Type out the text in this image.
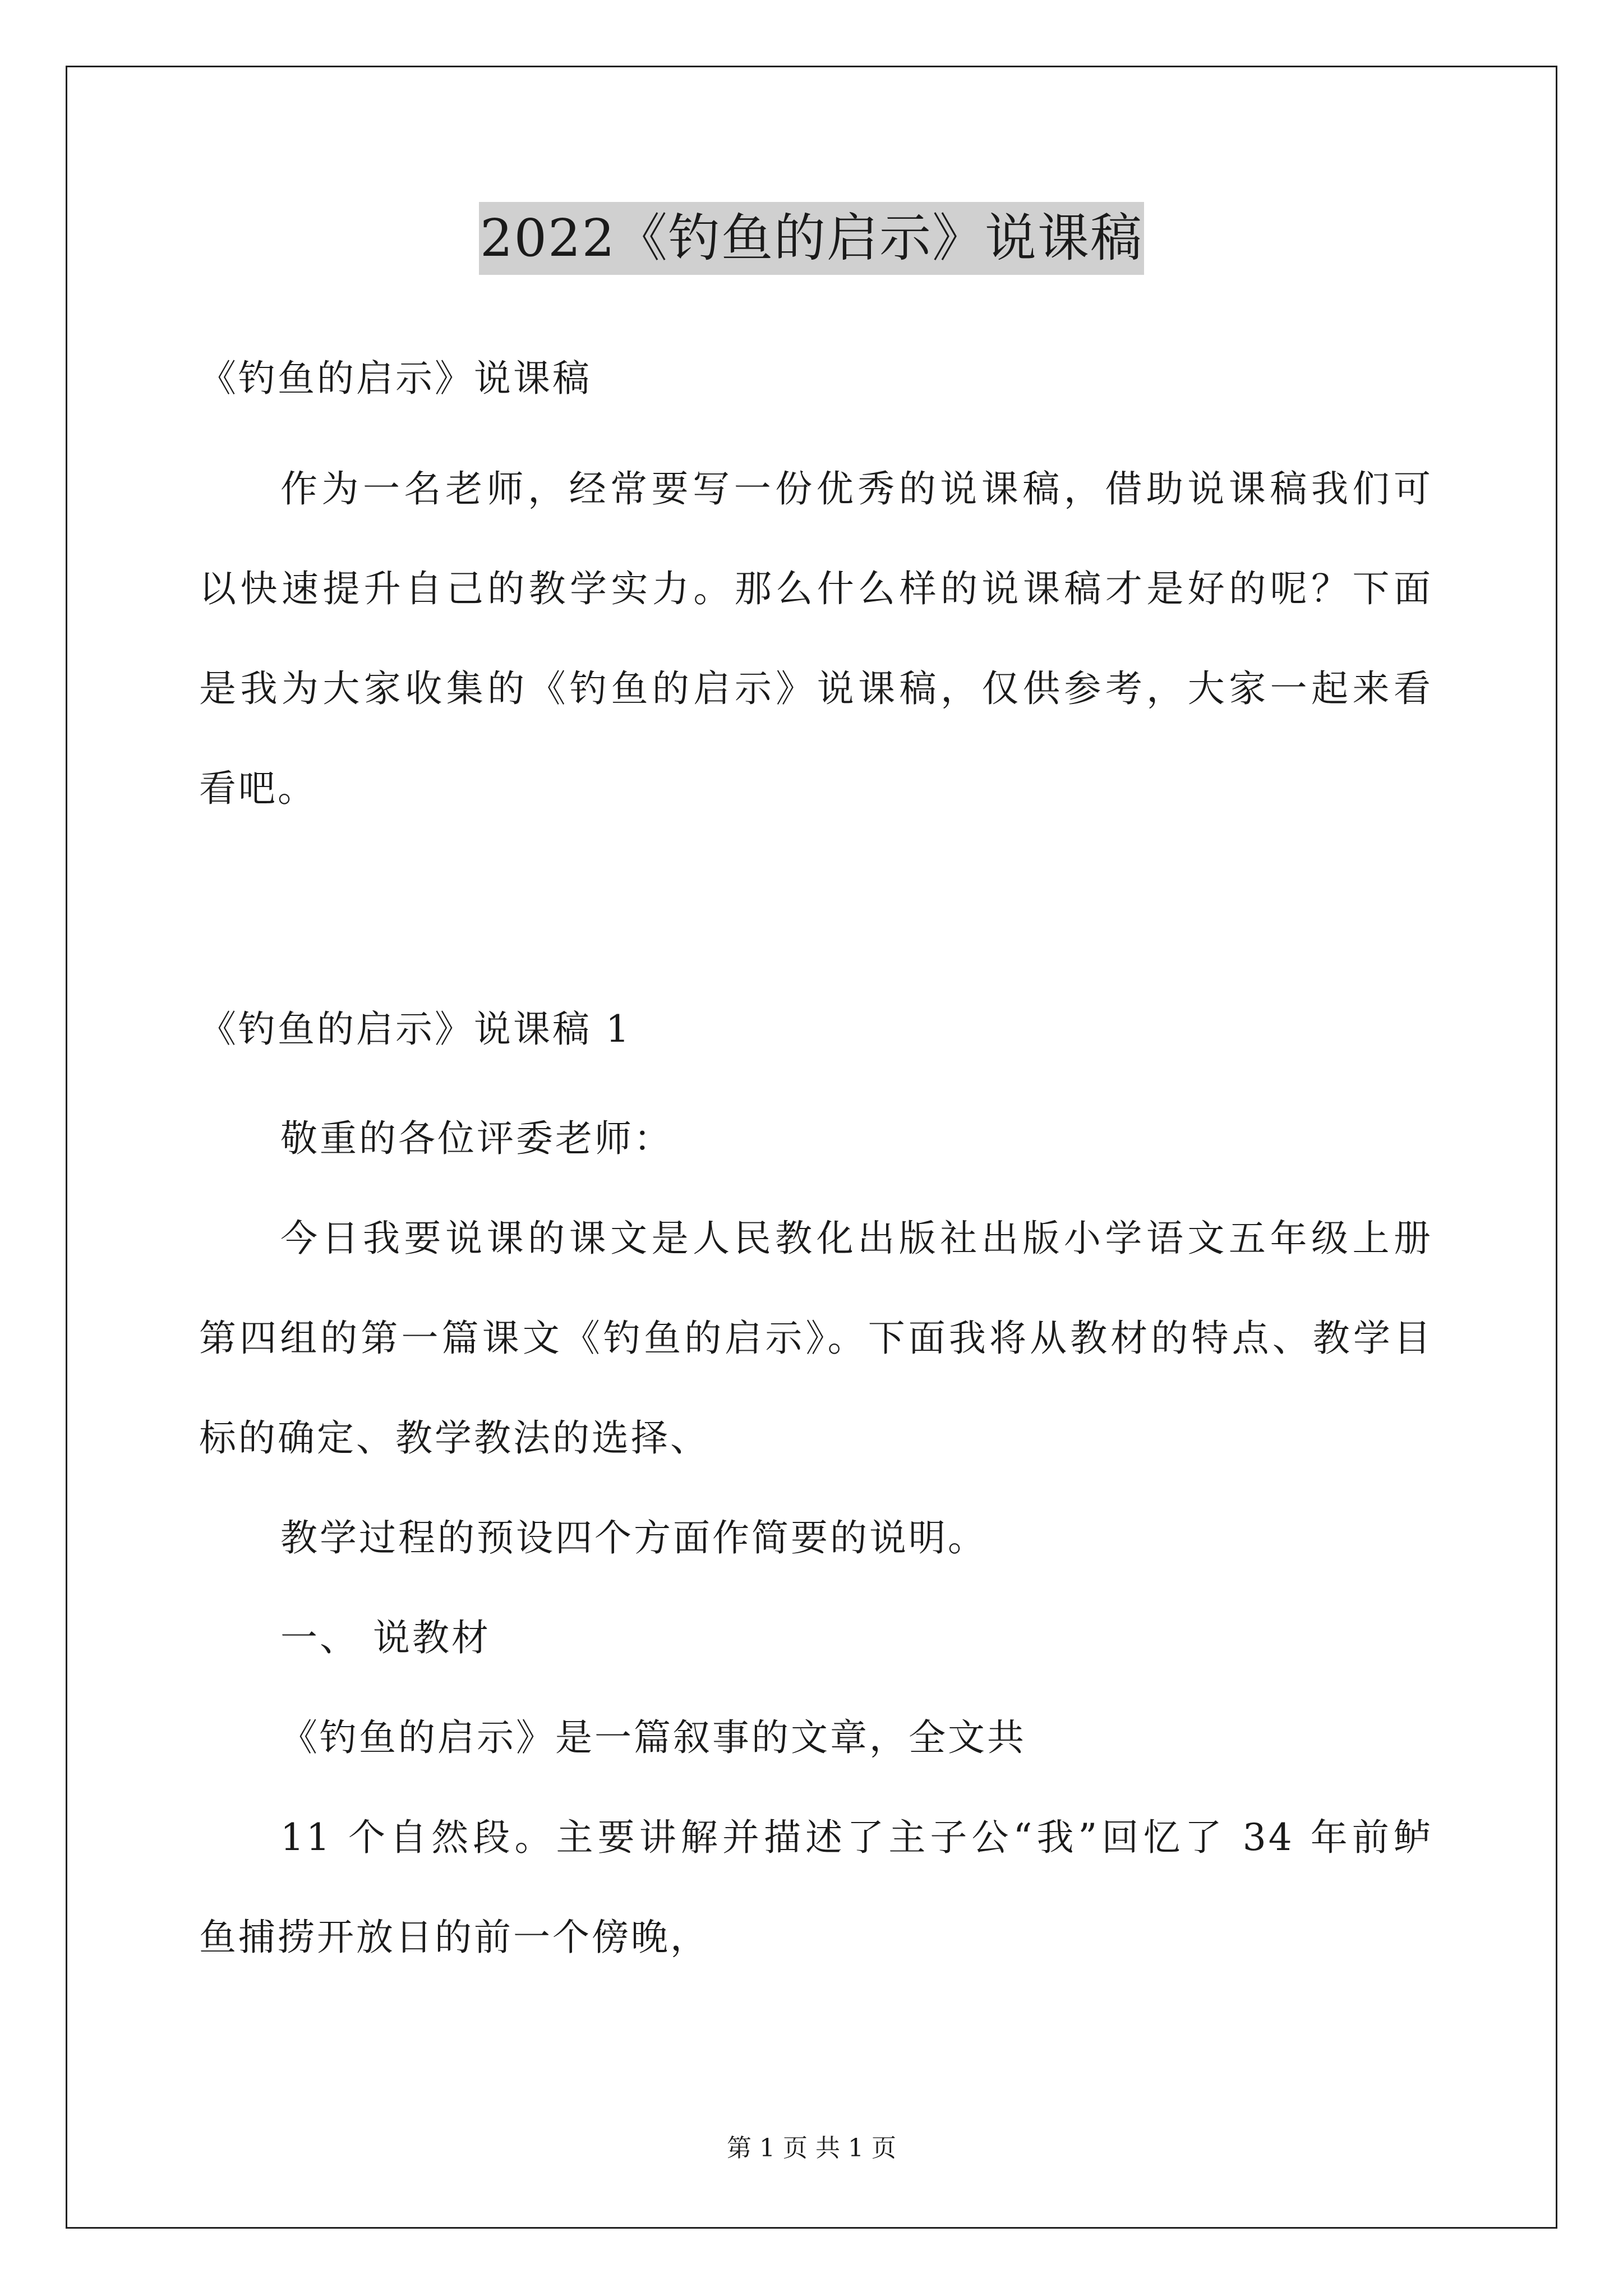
2022《钓鱼的启示》说课稿
《钓鱼的启示》说课稿
作为一名老师，经常要写一份优秀的说课稿，借助说课稿我们可
以快速提升自己的教学实力。那么什么样的说课稿才是好的呢？下面
是我为大家收集的《钓鱼的启示》说课稿，仅供参考，大家一起来看
看吧。
《钓鱼的启示》说课稿 1
敬重的各位评委老师：
今日我要说课的课文是人民教化出版社出版小学语文五年级上册
第四组的第一篇课文《钓鱼的启示》。下面我将从教材的特点、教学目
标的确定、教学教法的选择、
教学过程的预设四个方面作简要的说明。
一、 说教材
《钓鱼的启示》是一篇叙事的文章，全文共
11 个自然段。主要讲解并描述了主子公“我”回忆了 34 年前鲈
鱼捕捞开放日的前一个傍晚，
第 1 页 共 1 页
